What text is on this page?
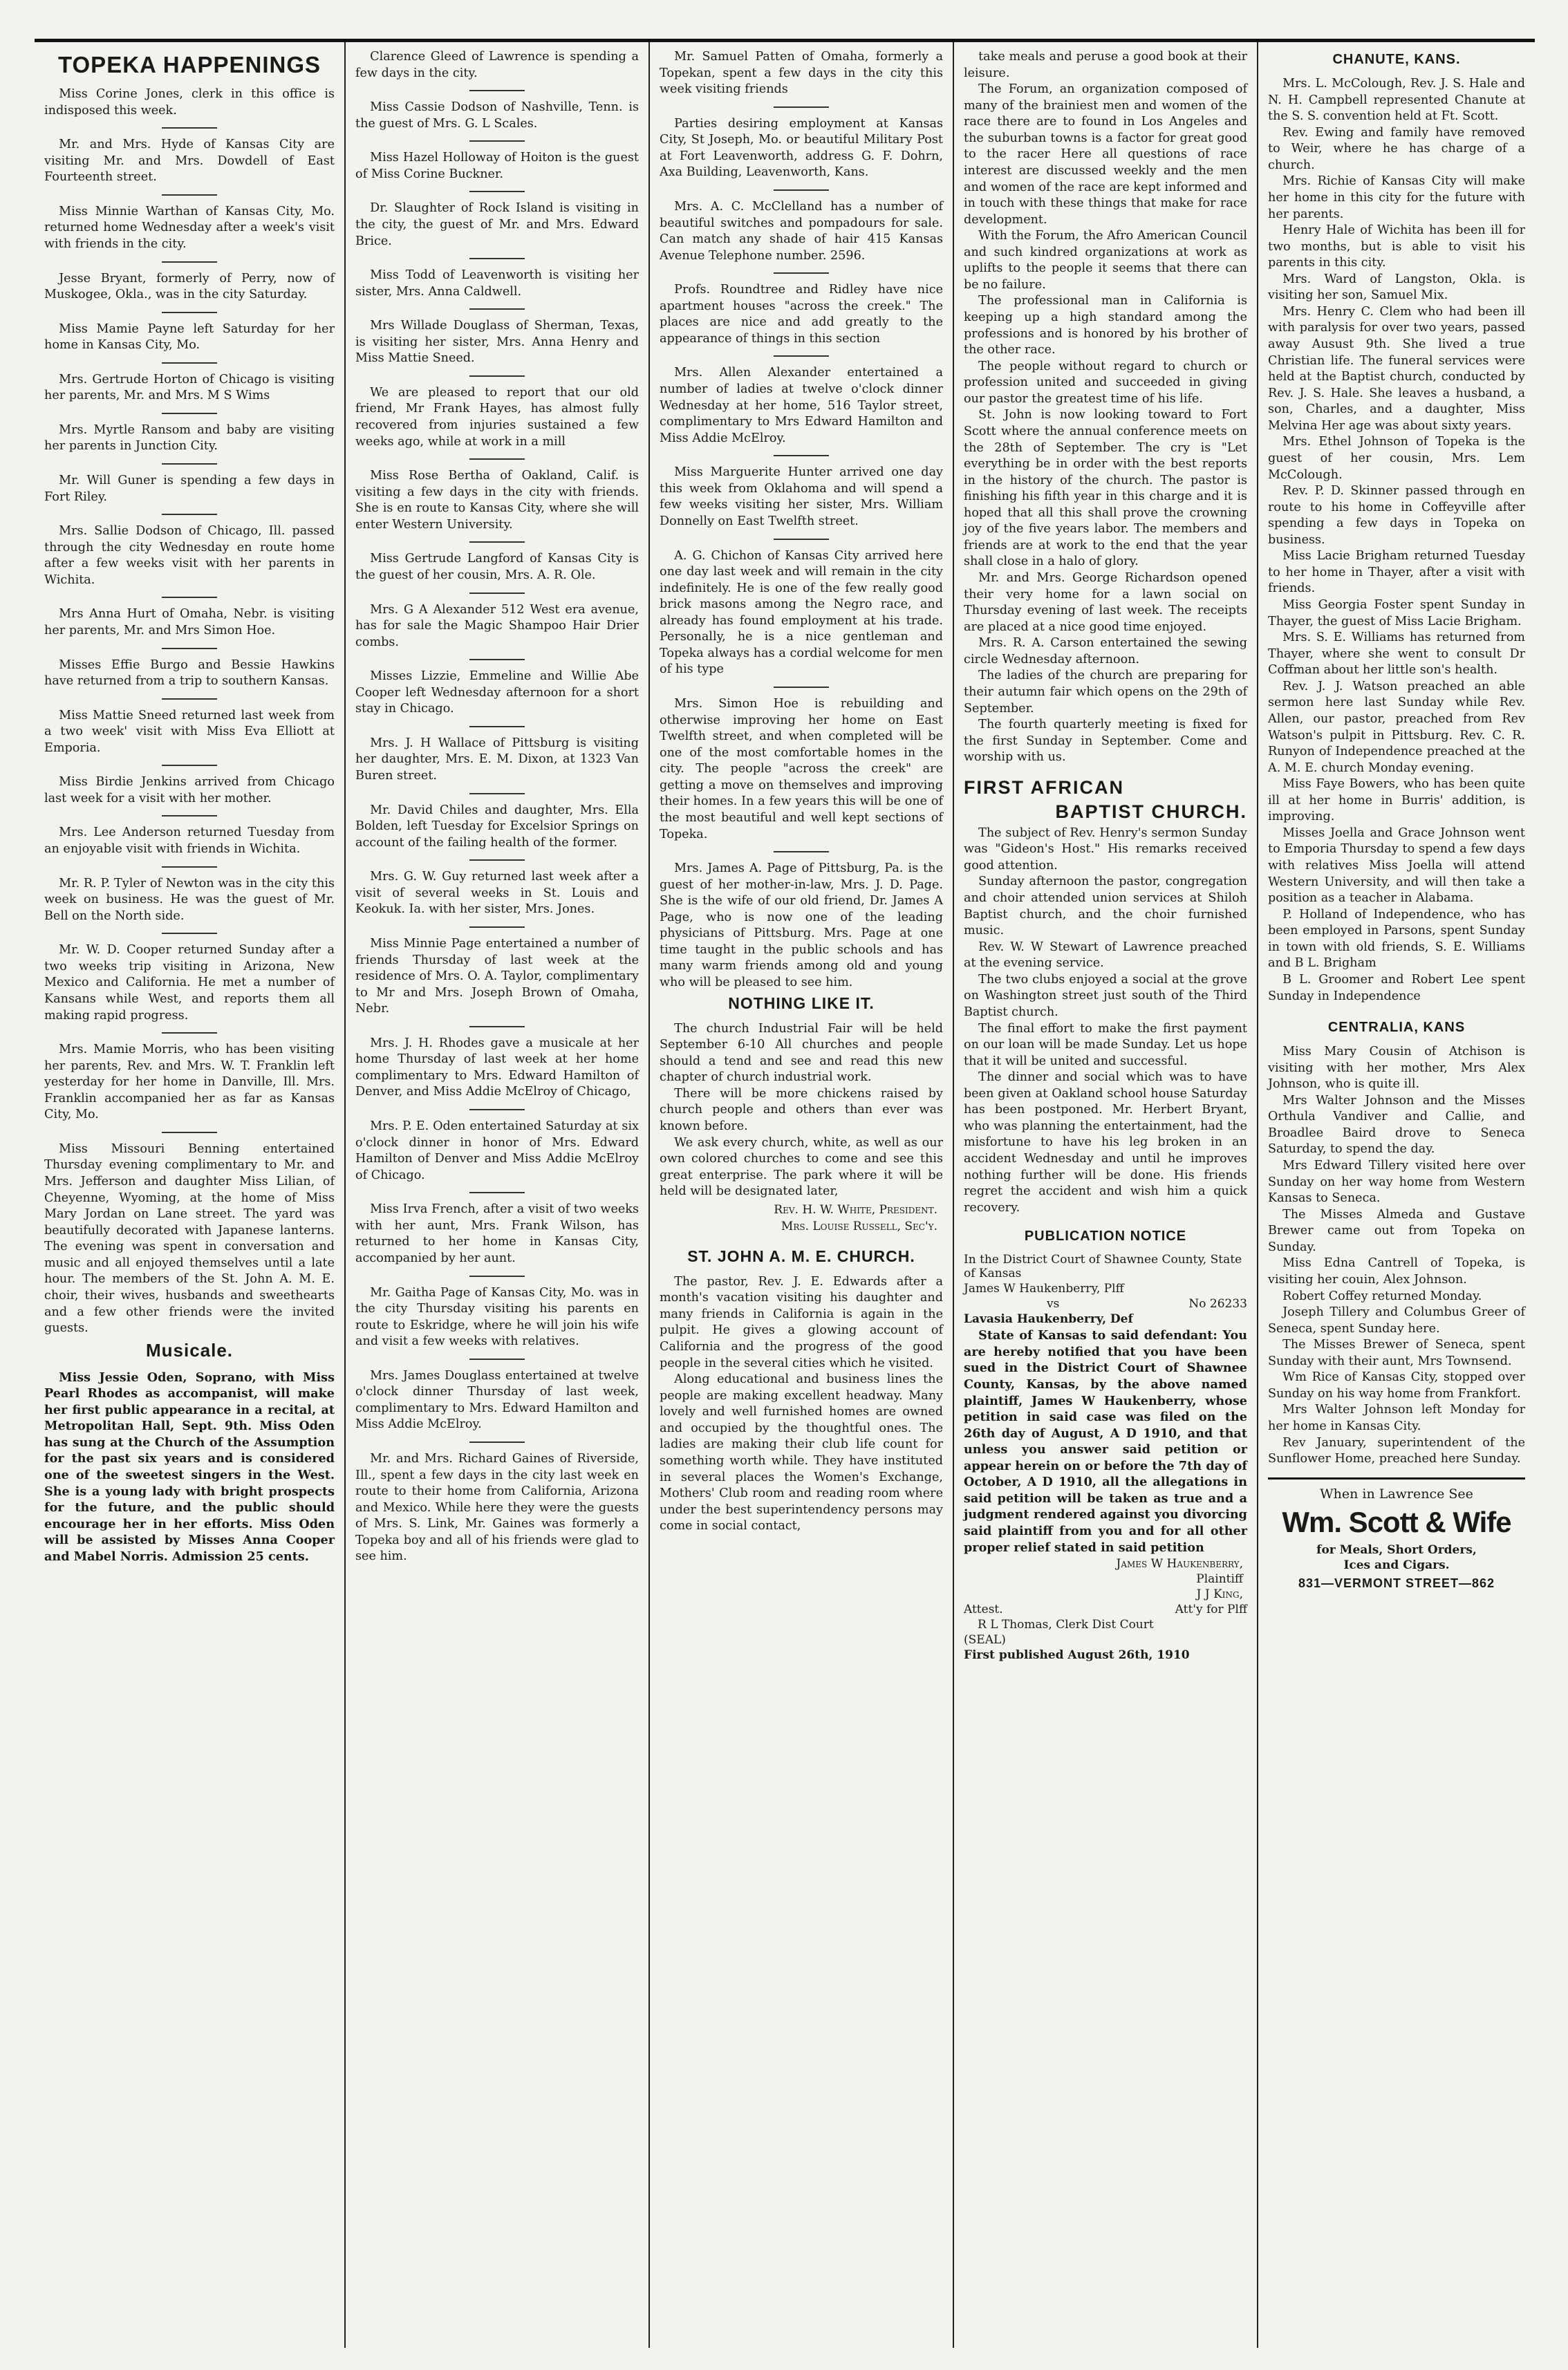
TOPEKA HAPPENINGS

Miss Corine Jones, clerk in this office is indisposed this week.

Mr. and Mrs. Hyde of Kansas City are visiting Mr. and Mrs. Dowdell of East Fourteenth street.

Miss Minnie Warthan of Kansas City, Mo. returned home Wednesday after a week's visit with friends in the city.

Jesse Bryant, formerly of Perry, now of Muskogee, Okla., was in the city Saturday.

Miss Mamie Payne left Saturday for her home in Kansas City, Mo.

Mrs. Gertrude Horton of Chicago is visiting her parents, Mr. and Mrs. M S Wims

Mrs. Myrtle Ransom and baby are visiting her parents in Junction City.

Mr. Will Guner is spending a few days in Fort Riley.

Mrs. Sallie Dodson of Chicago, Ill. passed through the city Wednesday en route home after a few weeks visit with her parents in Wichita.

Mrs Anna Hurt of Omaha, Nebr. is visiting her parents, Mr. and Mrs Simon Hoe.

Misses Effie Burgo and Bessie Hawkins have returned from a trip to southern Kansas.

Miss Mattie Sneed returned last week from a two week' visit with Miss Eva Elliott at Emporia.

Miss Birdie Jenkins arrived from Chicago last week for a visit with her mother.

Mrs. Lee Anderson returned Tuesday from an enjoyable visit with friends in Wichita.

Mr. R. P. Tyler of Newton was in the city this week on business. He was the guest of Mr. Bell on the North side.

Mr. W. D. Cooper returned Sunday after a two weeks trip visiting in Arizona, New Mexico and California. He met a number of Kansans while West, and reports them all making rapid progress.

Mrs. Mamie Morris, who has been visiting her parents, Rev. and Mrs. W. T. Franklin left yesterday for her home in Danville, Ill. Mrs. Franklin accompanied her as far as Kansas City, Mo.

Miss Missouri Benning entertained Thursday evening complimentary to Mr. and Mrs. Jefferson and daughter Miss Lilian, of Cheyenne, Wyoming, at the home of Miss Mary Jordan on Lane street. The yard was beautifully decorated with Japanese lanterns. The evening was spent in conversation and music and all enjoyed themselves until a late hour. The members of the St. John A. M. E. choir, their wives, husbands and sweethearts and a few other friends were the invited guests.

Musicale.

Miss Jessie Oden, Soprano, with Miss Pearl Rhodes as accompanist, will make her first public appearance in a recital, at Metropolitan Hall, Sept. 9th. Miss Oden has sung at the Church of the Assumption for the past six years and is considered one of the sweetest singers in the West. She is a young lady with bright prospects for the future, and the public should encourage her in her efforts. Miss Oden will be assisted by Misses Anna Cooper and Mabel Norris. Admission 25 cents.

Clarence Gleed of Lawrence is spending a few days in the city.

Miss Cassie Dodson of Nashville, Tenn. is the guest of Mrs. G. L Scales.

Miss Hazel Holloway of Hoiton is the guest of Miss Corine Buckner.

Dr. Slaughter of Rock Island is visiting in the city, the guest of Mr. and Mrs. Edward Brice.

Miss Todd of Leavenworth is visiting her sister, Mrs. Anna Caldwell.

Mrs Willade Douglass of Sherman, Texas, is visiting her sister, Mrs. Anna Henry and Miss Mattie Sneed.

We are pleased to report that our old friend, Mr Frank Hayes, has almost fully recovered from injuries sustained a few weeks ago, while at work in a mill

Miss Rose Bertha of Oakland, Calif. is visiting a few days in the city with friends. She is en route to Kansas City, where she will enter Western University.

Miss Gertrude Langford of Kansas City is the guest of her cousin, Mrs. A. R. Ole.

Mrs. G A Alexander 512 West era avenue, has for sale the Magic Shampoo Hair Drier combs.

Misses Lizzie, Emmeline and Willie Abe Cooper left Wednesday afternoon for a short stay in Chicago.

Mrs. J. H Wallace of Pittsburg is visiting her daughter, Mrs. E. M. Dixon, at 1323 Van Buren street.

Mr. David Chiles and daughter, Mrs. Ella Bolden, left Tuesday for Excelsior Springs on account of the failing health of the former.

Mrs. G. W. Guy returned last week after a visit of several weeks in St. Louis and Keokuk. Ia. with her sister, Mrs. Jones.

Miss Minnie Page entertained a number of friends Thursday of last week at the residence of Mrs. O. A. Taylor, complimentary to Mr and Mrs. Joseph Brown of Omaha, Nebr.

Mrs. J. H. Rhodes gave a musicale at her home Thursday of last week at her home complimentary to Mrs. Edward Hamilton of Denver, and Miss Addie McElroy of Chicago,

Mrs. P. E. Oden entertained Saturday at six o'clock dinner in honor of Mrs. Edward Hamilton of Denver and Miss Addie McElroy of Chicago.

Miss Irva French, after a visit of two weeks with her aunt, Mrs. Frank Wilson, has returned to her home in Kansas City, accompanied by her aunt.

Mr. Gaitha Page of Kansas City, Mo. was in the city Thursday visiting his parents en route to Eskridge, where he will join his wife and visit a few weeks with relatives.

Mrs. James Douglass entertained at twelve o'clock dinner Thursday of last week, complimentary to Mrs. Edward Hamilton and Miss Addie McElroy.

Mr. and Mrs. Richard Gaines of Riverside, Ill., spent a few days in the city last week en route to their home from California, Arizona and Mexico. While here they were the guests of Mrs. S. Link, Mr. Gaines was formerly a Topeka boy and all of his friends were glad to see him.

Mr. Samuel Patten of Omaha, formerly a Topekan, spent a few days in the city this week visiting friends

Parties desiring employment at Kansas City, St Joseph, Mo. or beautiful Military Post at Fort Leavenworth, address G. F. Dohrn, Axa Building, Leavenworth, Kans.

Mrs. A. C. McClelland has a number of beautiful switches and pompadours for sale. Can match any shade of hair 415 Kansas Avenue Telephone number. 2596.

Profs. Roundtree and Ridley have nice apartment houses "across the creek." The places are nice and add greatly to the appearance of things in this section

Mrs. Allen Alexander entertained a number of ladies at twelve o'clock dinner Wednesday at her home, 516 Taylor street, complimentary to Mrs Edward Hamilton and Miss Addie McElroy.

Miss Marguerite Hunter arrived one day this week from Oklahoma and will spend a few weeks visiting her sister, Mrs. William Donnelly on East Twelfth street.

A. G. Chichon of Kansas City arrived here one day last week and will remain in the city indefinitely. He is one of the few really good brick masons among the Negro race, and already has found employment at his trade. Personally, he is a nice gentleman and Topeka always has a cordial welcome for men of his type

Mrs. Simon Hoe is rebuilding and otherwise improving her home on East Twelfth street, and when completed will be one of the most comfortable homes in the city. The people "across the creek" are getting a move on themselves and improving their homes. In a few years this will be one of the most beautiful and well kept sections of Topeka.

Mrs. James A. Page of Pittsburg, Pa. is the guest of her mother-in-law, Mrs. J. D. Page. She is the wife of our old friend, Dr. James A Page, who is now one of the leading physicians of Pittsburg. Mrs. Page at one time taught in the public schools and has many warm friends among old and young who will be pleased to see him.

NOTHING LIKE IT.

The church Industrial Fair will be held September 6-10 All churches and people should a tend and see and read this new chapter of church industrial work.

There will be more chickens raised by church people and others than ever was known before.

We ask every church, white, as well as our own colored churches to come and see this great enterprise. The park where it will be held will be designated later,

Rev. H. W. White, President.
Mrs. Louise Russell, Sec'y.
ST. JOHN A. M. E. CHURCH.

The pastor, Rev. J. E. Edwards after a month's vacation visiting his daughter and many friends in California is again in the pulpit. He gives a glowing account of California and the progress of the good people in the several cities which he visited.

Along educational and business lines the people are making excellent headway. Many lovely and well furnished homes are owned and occupied by the thoughtful ones. The ladies are making their club life count for something worth while. They have instituted in several places the Women's Exchange, Mothers' Club room and reading room where under the best superintendency persons may come in social contact,

take meals and peruse a good book at their leisure.

The Forum, an organization composed of many of the brainiest men and women of the race there are to found in Los Angeles and the suburban towns is a factor for great good to the racer Here all questions of race interest are discussed weekly and the men and women of the race are kept informed and in touch with these things that make for race development.

With the Forum, the Afro American Council and such kindred organizations at work as uplifts to the people it seems that there can be no failure.

The professional man in California is keeping up a high standard among the professions and is honored by his brother of the other race.

The people without regard to church or profession united and succeeded in giving our pastor the greatest time of his life.

St. John is now looking toward to Fort Scott where the annual conference meets on the 28th of September. The cry is "Let everything be in order with the best reports in the history of the church. The pastor is finishing his fifth year in this charge and it is hoped that all this shall prove the crowning joy of the five years labor. The members and friends are at work to the end that the year shall close in a halo of glory.

Mr. and Mrs. George Richardson opened their very home for a lawn social on Thursday evening of last week. The receipts are placed at a nice good time enjoyed.

Mrs. R. A. Carson entertained the sewing circle Wednesday afternoon.

The ladies of the church are preparing for their autumn fair which opens on the 29th of September.

The fourth quarterly meeting is fixed for the first Sunday in September. Come and worship with us.

FIRST AFRICAN
BAPTIST CHURCH.

The subject of Rev. Henry's sermon Sunday was "Gideon's Host." His remarks received good attention.

Sunday afternoon the pastor, congregation and choir attended union services at Shiloh Baptist church, and the choir furnished music.

Rev. W. W Stewart of Lawrence preached at the evening service.

The two clubs enjoyed a social at the grove on Washington street just south of the Third Baptist church.

The final effort to make the first payment on our loan will be made Sunday. Let us hope that it will be united and successful.

The dinner and social which was to have been given at Oakland school house Saturday has been postponed. Mr. Herbert Bryant, who was planning the entertainment, had the misfortune to have his leg broken in an accident Wednesday and until he improves nothing further will be done. His friends regret the accident and wish him a quick recovery.

PUBLICATION NOTICE
In the District Court of Shawnee County, State of Kansas
James W Haukenberry, Plff
vs	No 26233
Lavasia Haukenberry, Def

State of Kansas to said defendant: You are hereby notified that you have been sued in the District Court of Shawnee County, Kansas, by the above named plaintiff, James W Haukenberry, whose petition in said case was filed on the 26th day of August, A D 1910, and that unless you answer said petition or appear herein on or before the 7th day of October, A D 1910, all the allegations in said petition will be taken as true and a judgment rendered against you divorcing said plaintiff from you and for all other proper relief stated in said petition

James W Haukenberry,
Plaintiff
J J King,
Attest.	Att'y for Plff
R L Thomas, Clerk Dist Court
(SEAL)
First published August 26th, 1910
CHANUTE, KANS.

Mrs. L. McColough, Rev. J. S. Hale and N. H. Campbell represented Chanute at the S. S. convention held at Ft. Scott.

Rev. Ewing and family have removed to Weir, where he has charge of a church.

Mrs. Richie of Kansas City will make her home in this city for the future with her parents.

Henry Hale of Wichita has been ill for two months, but is able to visit his parents in this city.

Mrs. Ward of Langston, Okla. is visiting her son, Samuel Mix.

Mrs. Henry C. Clem who had been ill with paralysis for over two years, passed away Ausust 9th. She lived a true Christian life. The funeral services were held at the Baptist church, conducted by Rev. J. S. Hale. She leaves a husband, a son, Charles, and a daughter, Miss Melvina Her age was about sixty years.

Mrs. Ethel Johnson of Topeka is the guest of her cousin, Mrs. Lem McColough.

Rev. P. D. Skinner passed through en route to his home in Coffeyville after spending a few days in Topeka on business.

Miss Lacie Brigham returned Tuesday to her home in Thayer, after a visit with friends.

Miss Georgia Foster spent Sunday in Thayer, the guest of Miss Lacie Brigham.

Mrs. S. E. Williams has returned from Thayer, where she went to consult Dr Coffman about her little son's health.

Rev. J. J. Watson preached an able sermon here last Sunday while Rev. Allen, our pastor, preached from Rev Watson's pulpit in Pittsburg. Rev. C. R. Runyon of Independence preached at the A. M. E. church Monday evening.

Miss Faye Bowers, who has been quite ill at her home in Burris' addition, is improving.

Misses Joella and Grace Johnson went to Emporia Thursday to spend a few days with relatives Miss Joella will attend Western University, and will then take a position as a teacher in Alabama.

P. Holland of Independence, who has been employed in Parsons, spent Sunday in town with old friends, S. E. Williams and B L. Brigham

B L. Groomer and Robert Lee spent Sunday in Independence

CENTRALIA, KANS

Miss Mary Cousin of Atchison is visiting with her mother, Mrs Alex Johnson, who is quite ill.

Mrs Walter Johnson and the Misses Orthula Vandiver and Callie, and Broadlee Baird drove to Seneca Saturday, to spend the day.

Mrs Edward Tillery visited here over Sunday on her way home from Western Kansas to Seneca.

The Misses Almeda and Gustave Brewer came out from Topeka on Sunday.

Miss Edna Cantrell of Topeka, is visiting her couin, Alex Johnson.

Robert Coffey returned Monday.

Joseph Tillery and Columbus Greer of Seneca, spent Sunday here.

The Misses Brewer of Seneca, spent Sunday with their aunt, Mrs Townsend.

Wm Rice of Kansas City, stopped over Sunday on his way home from Frankfort.

Mrs Walter Johnson left Monday for her home in Kansas City.

Rev January, superintendent of the Sunflower Home, preached here Sunday.

When in Lawrence See
Wm. Scott & Wife
for Meals, Short Orders,
Ices and Cigars.
831—VERMONT STREET—862
